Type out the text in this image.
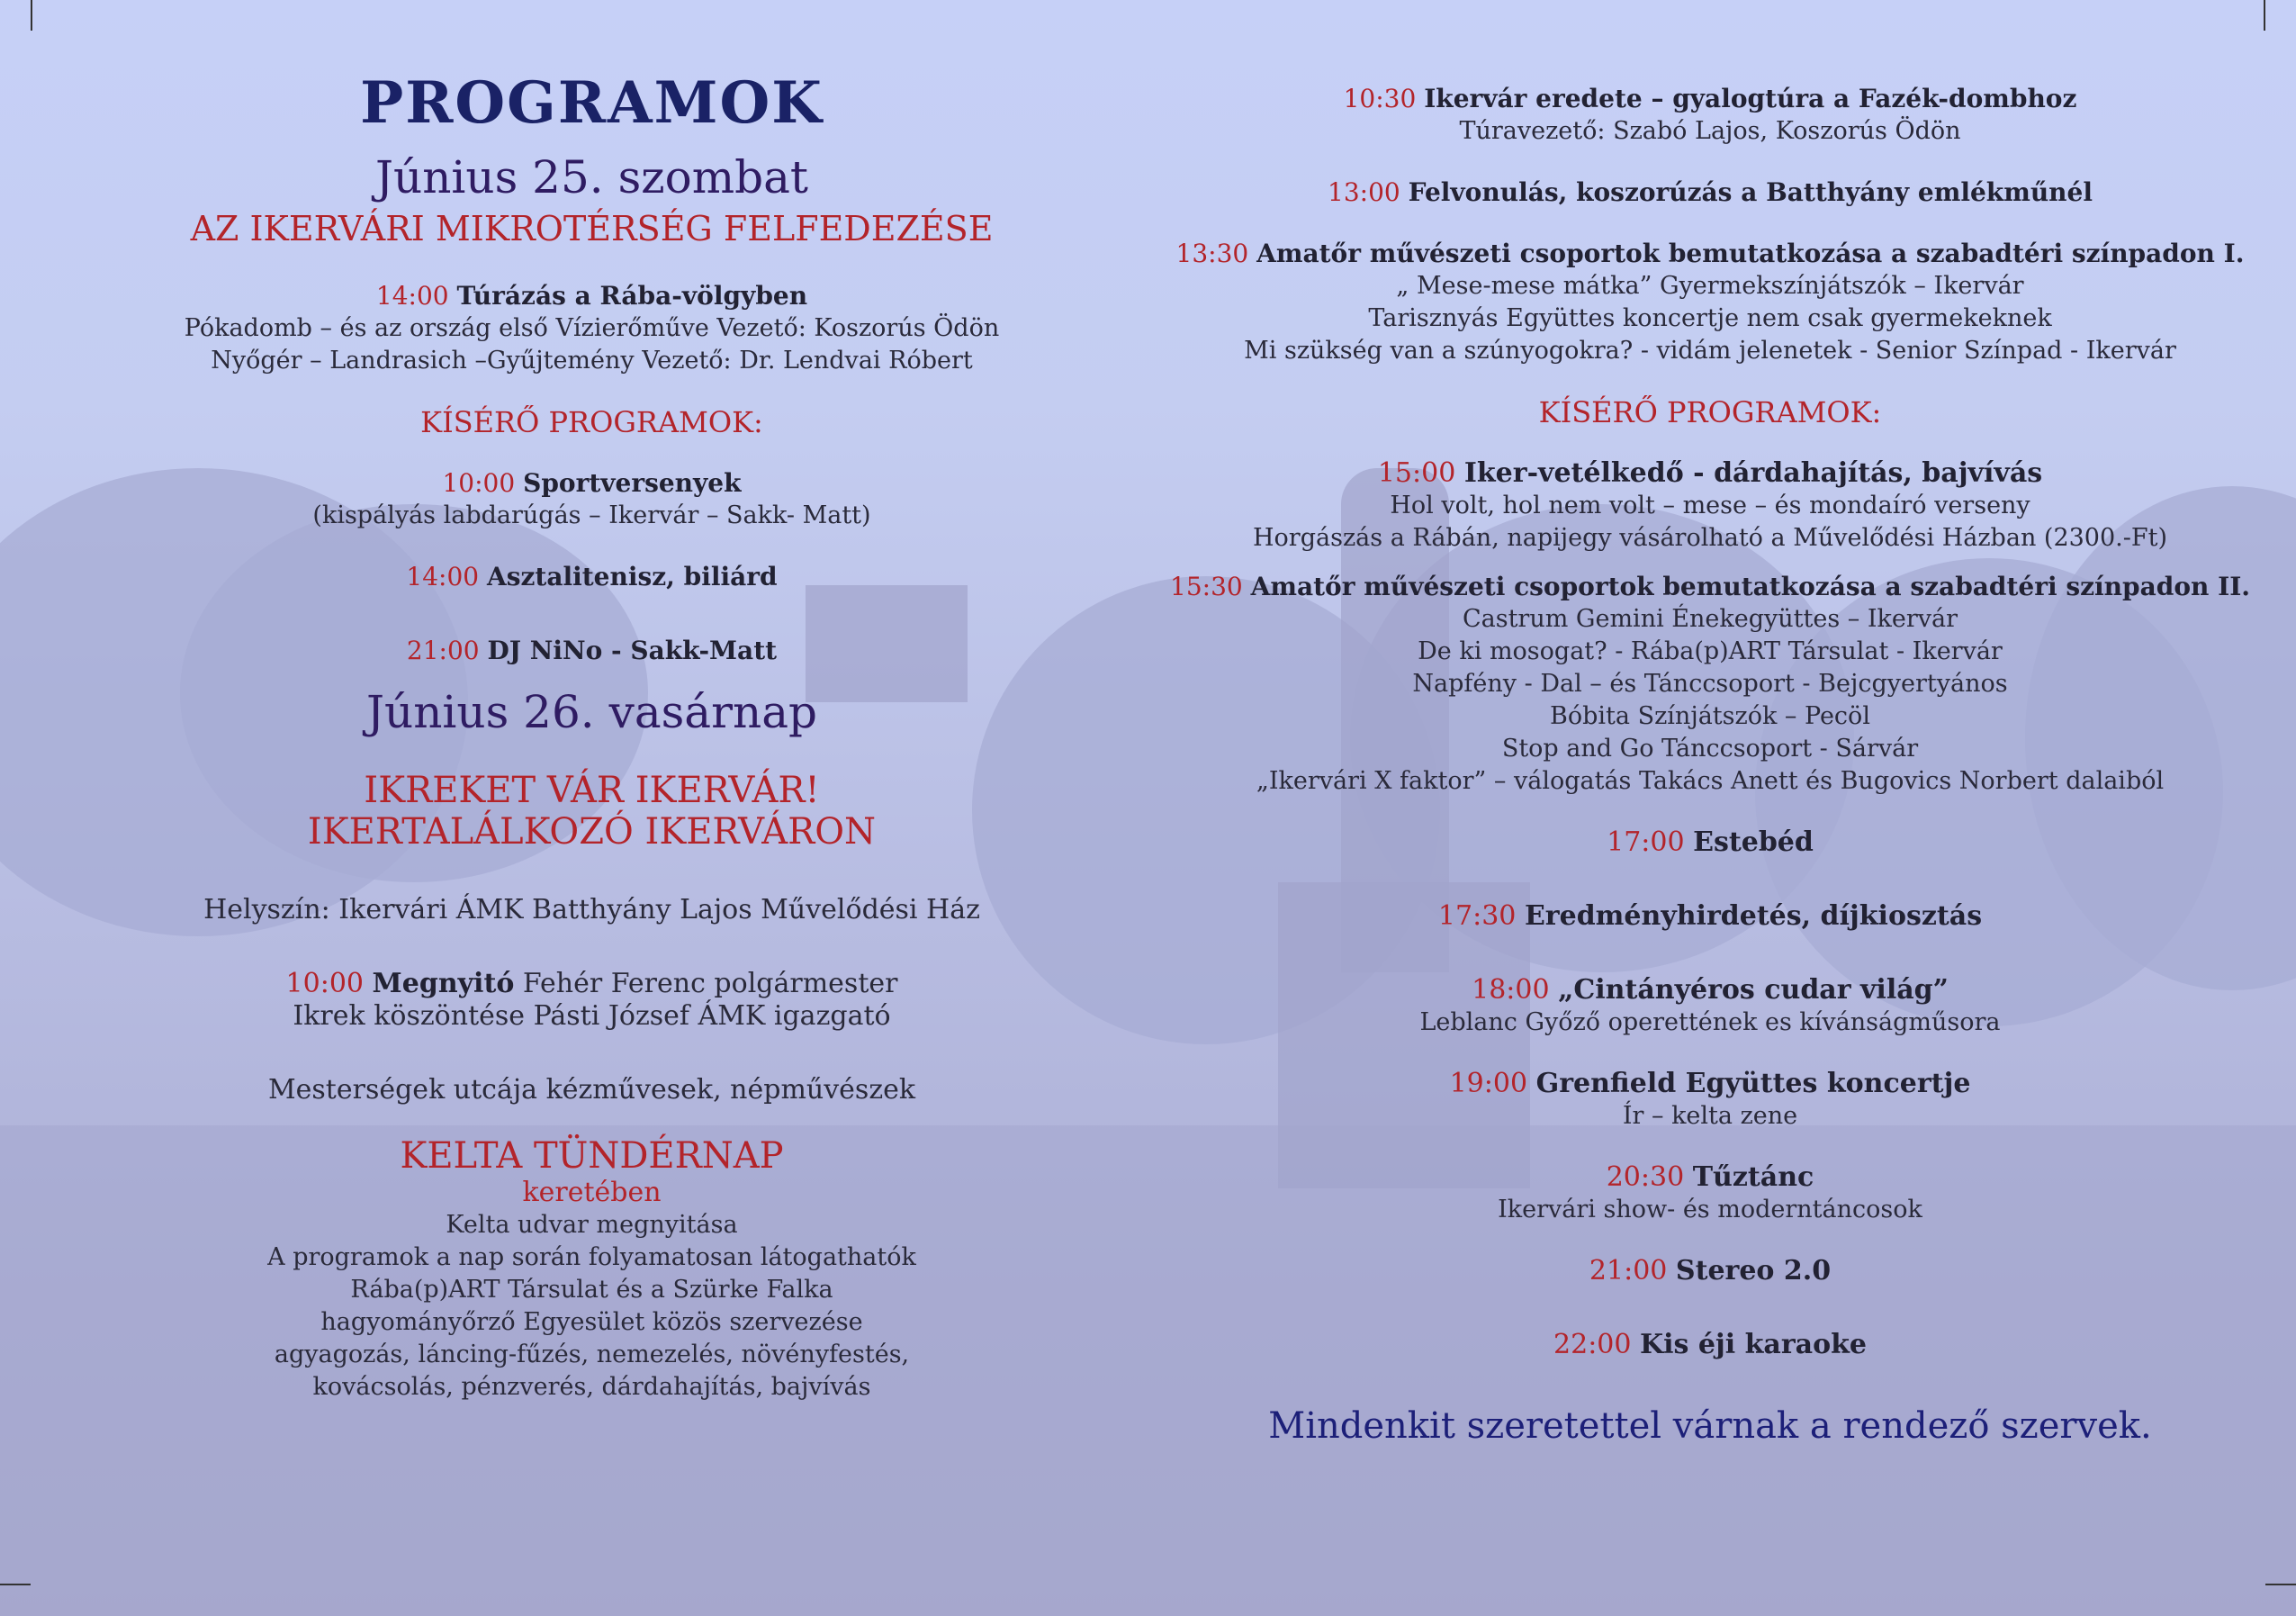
PROGRAMOK

Június 25. szombat

AZ IKERVÁRI MIKROTÉRSÉG FELFEDEZÉSE

14:00 Túrázás a Rába-völgyben

Pókadomb – és az ország első Vízierőműve Vezető: Koszorús Ödön

Nyőgér – Landrasich –Gyűjtemény Vezető: Dr. Lendvai Róbert

KÍSÉRŐ PROGRAMOK:

10:00 Sportversenyek

(kispályás labdarúgás – Ikervár – Sakk- Matt)

14:00 Asztalitenisz, biliárd

21:00 DJ NiNo - Sakk-Matt

Június 26. vasárnap

IKREKET VÁR IKERVÁR!

IKERTALÁLKOZÓ IKERVÁRON

Helyszín: Ikervári ÁMK Batthyány Lajos Művelődési Ház

10:00 Megnyitó Fehér Ferenc polgármester

Ikrek köszöntése Pásti József ÁMK igazgató

Mesterségek utcája kézművesek, népművészek

KELTA TÜNDÉRNAP

keretében

Kelta udvar megnyitása

A programok a nap során folyamatosan látogathatók

Rába(p)ART Társulat és a Szürke Falka

hagyományőrző Egyesület közös szervezése

agyagozás, láncing-fűzés, nemezelés, növényfestés,

kovácsolás, pénzverés, dárdahajítás, bajvívás

10:30 Ikervár eredete – gyalogtúra a Fazék-dombhoz

Túravezető: Szabó Lajos, Koszorús Ödön

13:00 Felvonulás, koszorúzás a Batthyány emlékműnél

13:30 Amatőr művészeti csoportok bemutatkozása a szabadtéri színpadon I.

„ Mese-mese mátka” Gyermekszínjátszók – Ikervár

Tarisznyás Együttes koncertje nem csak gyermekeknek

Mi szükség van a szúnyogokra? - vidám jelenetek - Senior Színpad - Ikervár

KÍSÉRŐ PROGRAMOK:

15:00 Iker-vetélkedő - dárdahajítás, bajvívás

Hol volt, hol nem volt – mese – és mondaíró verseny

Horgászás a Rábán, napijegy vásárolható a Művelődési Házban (2300.-Ft)

15:30 Amatőr művészeti csoportok bemutatkozása a szabadtéri színpadon II.

Castrum Gemini Énekegyüttes – Ikervár

De ki mosogat? - Rába(p)ART Társulat - Ikervár

Napfény - Dal – és Tánccsoport - Bejcgyertyános

Bóbita Színjátszók – Pecöl

Stop and Go Tánccsoport - Sárvár

„Ikervári X faktor” – válogatás Takács Anett és Bugovics Norbert dalaiból

17:00 Estebéd

17:30 Eredményhirdetés, díjkiosztás

18:00 „Cintányéros cudar világ”

Leblanc Győző operettének es kívánságműsora

19:00 Grenfield Együttes koncertje

Ír – kelta zene

20:30 Tűztánc

Ikervári show- és moderntáncosok

21:00 Stereo 2.0

22:00 Kis éji karaoke

Mindenkit szeretettel várnak a rendező szervek.
